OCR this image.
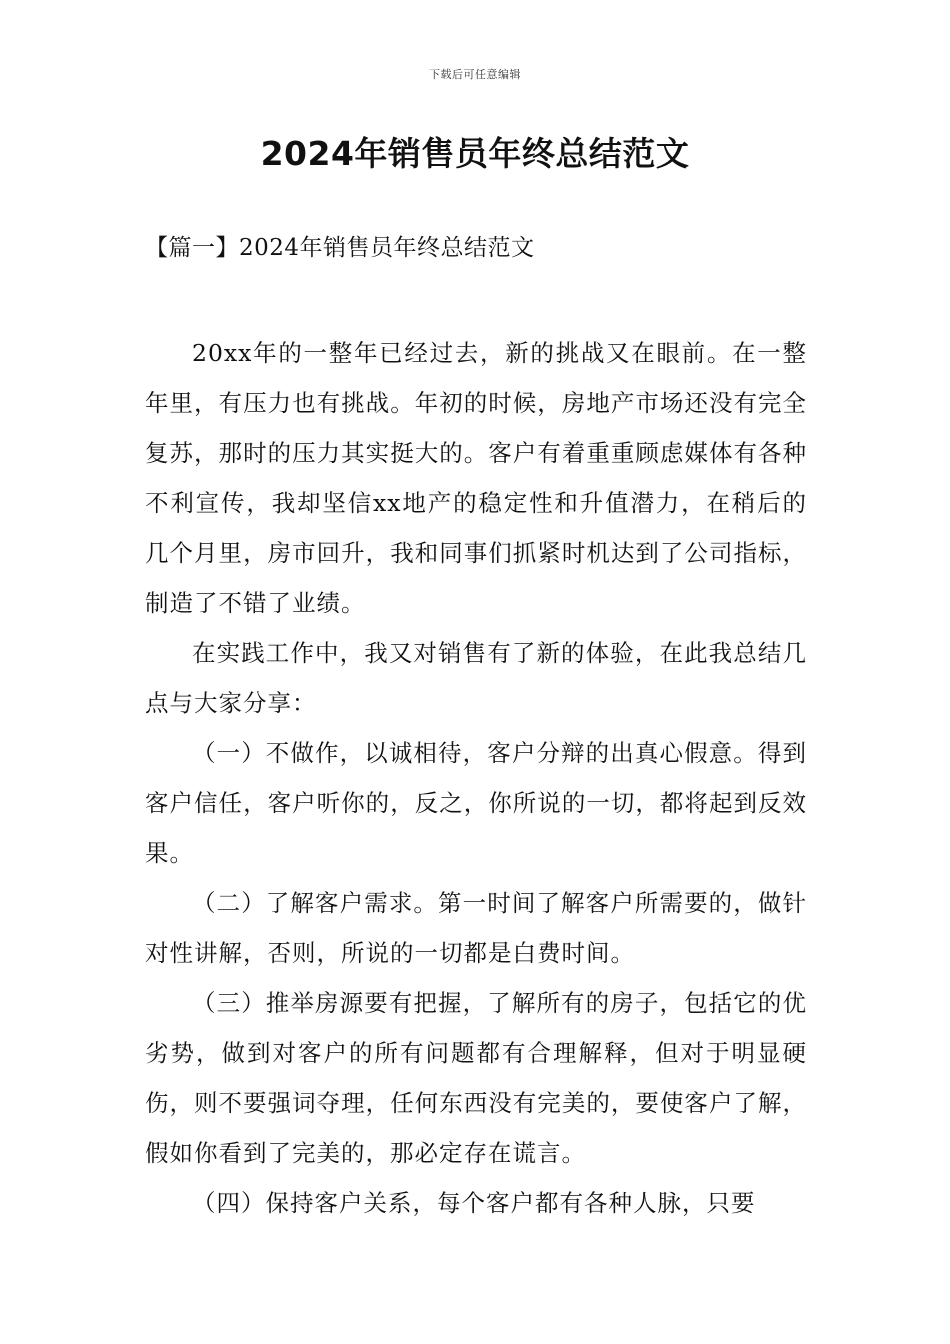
下载后可任意编辑
2024年销售员年终总结范文
【篇一】2024年销售员年终总结范文

20xx年的一整年已经过去，新的挑战又在眼前。在一整年里，有压力也有挑战。年初的时候，房地产市场还没有完全复苏，那时的压力其实挺大的。客户有着重重顾虑媒体有各种不利宣传，我却坚信xx地产的稳定性和升值潜力，在稍后的几个月里，房市回升，我和同事们抓紧时机达到了公司指标，制造了不错了业绩。

在实践工作中，我又对销售有了新的体验，在此我总结几点与大家分享：

（一）不做作，以诚相待，客户分辩的出真心假意。得到客户信任，客户听你的，反之，你所说的一切，都将起到反效果。

（二）了解客户需求。第一时间了解客户所需要的，做针对性讲解，否则，所说的一切都是白费时间。

（三）推举房源要有把握，了解所有的房子，包括它的优劣势，做到对客户的所有问题都有合理解释，但对于明显硬伤，则不要强词夺理，任何东西没有完美的，要使客户了解，假如你看到了完美的，那必定存在谎言。

（四）保持客户关系，每个客户都有各种人脉，只要
